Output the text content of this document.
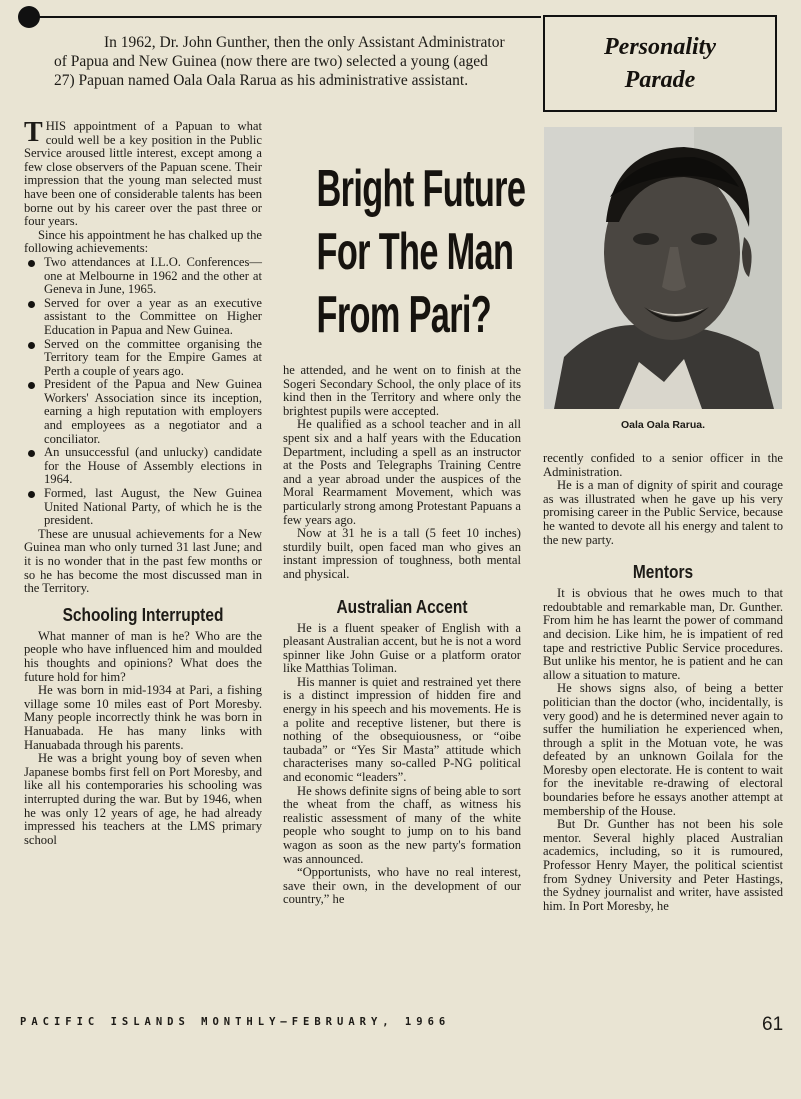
In 1962, Dr. John Gunther, then the only Assistant Administrator of Papua and New Guinea (now there are two) selected a young (aged 27) Papuan named Oala Oala Rarua as his administrative assistant.

Personality
Parade

THIS appointment of a Papuan to what could well be a key position in the Public Service aroused little interest, except among a few close observers of the Papuan scene. Their impression that the young man selected must have been one of considerable talents has been borne out by his career over the past three or four years.

Since his appointment he has chalked up the following achievements:

Two attendances at I.L.O. Conferences—one at Melbourne in 1962 and the other at Geneva in June, 1965.
Served for over a year as an executive assistant to the Committee on Higher Education in Papua and New Guinea.
Served on the committee organising the Territory team for the Empire Games at Perth a couple of years ago.
President of the Papua and New Guinea Workers' Association since its inception, earning a high reputation with employers and employees as a negotiator and a conciliator.
An unsuccessful (and unlucky) candidate for the House of Assembly elections in 1964.
Formed, last August, the New Guinea United National Party, of which he is the president.

These are unusual achievements for a New Guinea man who only turned 31 last June; and it is no wonder that in the past few months or so he has become the most discussed man in the Territory.

Schooling Interrupted

What manner of man is he? Who are the people who have influenced him and moulded his thoughts and opinions? What does the future hold for him?

He was born in mid-1934 at Pari, a fishing village some 10 miles east of Port Moresby. Many people incorrectly think he was born in Hanuabada. He has many links with Hanuabada through his parents.

He was a bright young boy of seven when Japanese bombs first fell on Port Moresby, and like all his contemporaries his schooling was interrupted during the war. But by 1946, when he was only 12 years of age, he had already impressed his teachers at the LMS primary school

Bright Future
For The Man
From Pari?

he attended, and he went on to finish at the Sogeri Secondary School, the only place of its kind then in the Territory and where only the brightest pupils were accepted.

He qualified as a school teacher and in all spent six and a half years with the Education Department, including a spell as an instructor at the Posts and Telegraphs Training Centre and a year abroad under the auspices of the Moral Rearmament Movement, which was particularly strong among Protestant Papuans a few years ago.

Now at 31 he is a tall (5 feet 10 inches) sturdily built, open faced man who gives an instant impression of toughness, both mental and physical.

Australian Accent

He is a fluent speaker of English with a pleasant Australian accent, but he is not a word spinner like John Guise or a platform orator like Matthias Toliman.

His manner is quiet and restrained yet there is a distinct impression of hidden fire and energy in his speech and his movements. He is a polite and receptive listener, but there is nothing of the obsequiousness, or “oibe taubada” or “Yes Sir Masta” attitude which characterises many so-called P-NG political and economic “leaders”.

He shows definite signs of being able to sort the wheat from the chaff, as witness his realistic assessment of many of the white people who sought to jump on to his band wagon as soon as the new party's formation was announced.

“Opportunists, who have no real interest, save their own, in the development of our country,” he

Oala Oala Rarua.

recently confided to a senior officer in the Administration.

He is a man of dignity of spirit and courage as was illustrated when he gave up his very promising career in the Public Service, because he wanted to devote all his energy and talent to the new party.

Mentors

It is obvious that he owes much to that redoubtable and remarkable man, Dr. Gunther. From him he has learnt the power of command and decision. Like him, he is impatient of red tape and restrictive Public Service procedures. But unlike his mentor, he is patient and he can allow a situation to mature.

He shows signs also, of being a better politician than the doctor (who, incidentally, is very good) and he is determined never again to suffer the humiliation he experienced when, through a split in the Motuan vote, he was defeated by an unknown Goilala for the Moresby open electorate. He is content to wait for the inevitable re-drawing of electoral boundaries before he essays another attempt at membership of the House.

But Dr. Gunther has not been his sole mentor. Several highly placed Australian academics, including, so it is rumoured, Professor Henry Mayer, the political scientist from Sydney University and Peter Hastings, the Sydney journalist and writer, have assisted him. In Port Moresby, he

PACIFIC ISLANDS MONTHLY—FEBRUARY, 1966	61
